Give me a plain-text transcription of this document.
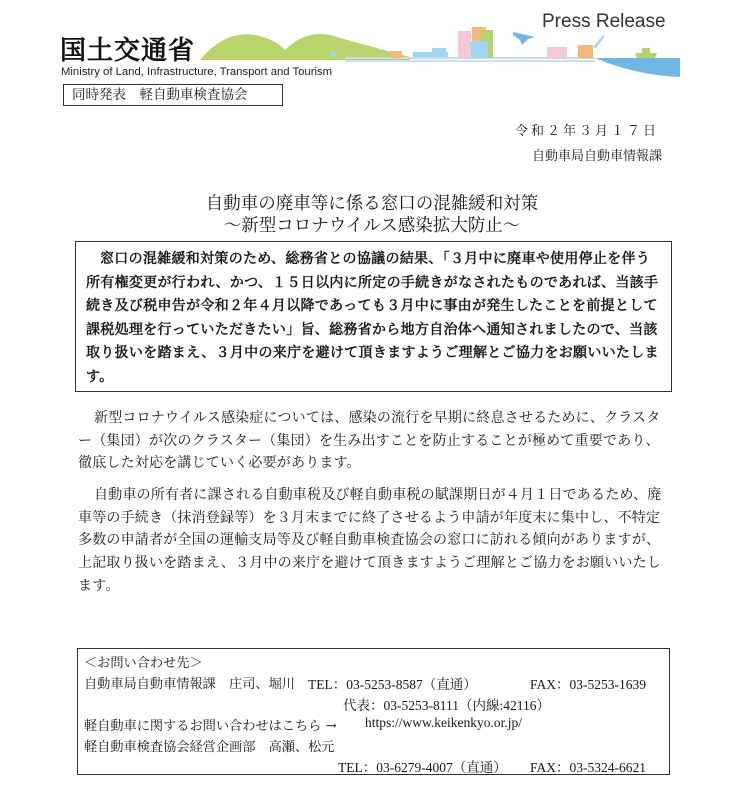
国土交通省
Ministry of Land, Infrastructure, Transport and Tourism
同時発表　軽自動車検査協会
Press Release
令和２年３月１７日
自動車局自動車情報課
自動車の廃車等に係る窓口の混雑緩和対策
～新型コロナウイルス感染拡大防止～
窓口の混雑緩和対策のため、総務省との協議の結果、「３月中に廃車や使用停止を伴う所有権変更が行われ、かつ、１５日以内に所定の手続きがなされたものであれば、当該手続き及び税申告が令和２年４月以降であっても３月中に事由が発生したことを前提として課税処理を行っていただきたい」旨、総務省から地方自治体へ通知されましたので、当該取り扱いを踏まえ、３月中の来庁を避けて頂きますようご理解とご協力をお願いいたします。
新型コロナウイルス感染症については、感染の流行を早期に終息させるために、クラスター（集団）が次のクラスター（集団）を生み出すことを防止することが極めて重要であり、徹底した対応を講じていく必要があります。
自動車の所有者に課される自動車税及び軽自動車税の賦課期日が４月１日であるため、廃車等の手続き（抹消登録等）を３月末までに終了させるよう申請が年度末に集中し、不特定多数の申請者が全国の運輸支局等及び軽自動車検査協会の窓口に訪れる傾向がありますが、上記取り扱いを踏まえ、３月中の来庁を避けて頂きますようご理解とご協力をお願いいたします。
＜お問い合わせ先＞
自動車局自動車情報課　庄司、堀川 TEL：03-5253-8587（直通）	FAX：03-5253-1639
代表：03-5253-8111（内線:42116）
軽自動車に関するお問い合わせはこちら → https://www.keikenkyo.or.jp/
軽自動車検査協会経営企画部　高瀬、松元
TEL：03-6279-4007（直通） FAX：03-5324-6621
